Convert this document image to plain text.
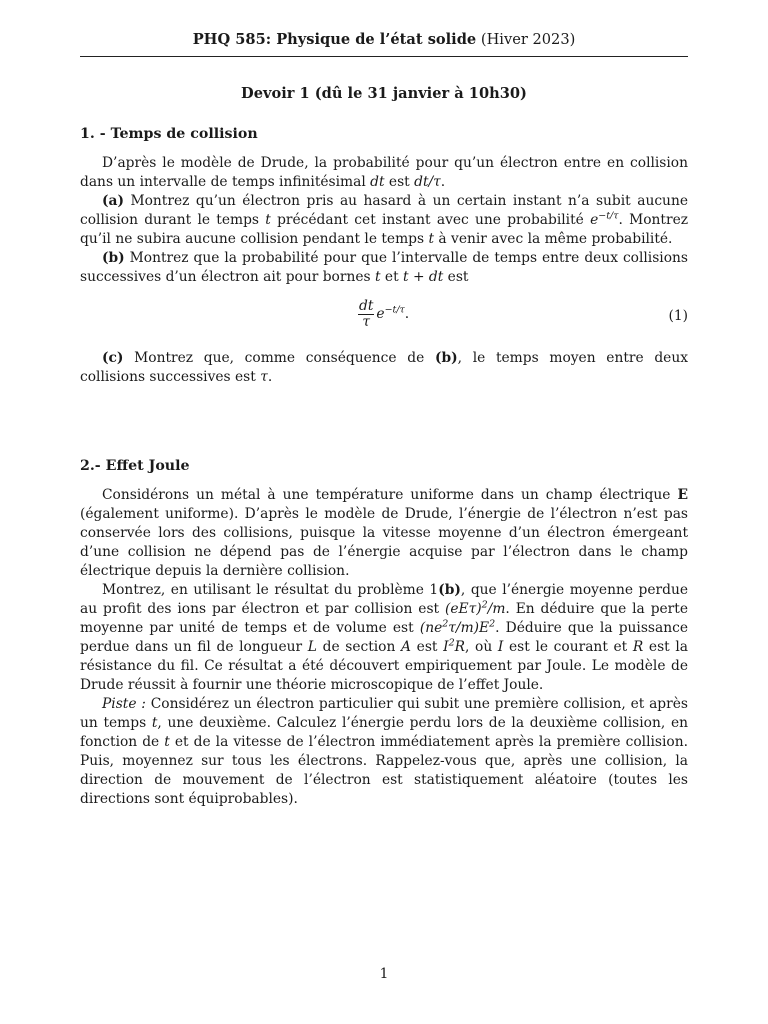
PHQ 585: Physique de l’état solide (Hiver 2023)
Devoir 1 (dû le 31 janvier à 10h30)
1. - Temps de collision

D’après le modèle de Drude, la probabilité pour qu’un électron entre en collision dans un intervalle de temps infinitésimal dt est dt/τ.

(a) Montrez qu’un électron pris au hasard à un certain instant n’a subit aucune collision durant le temps t précédant cet instant avec une probabilité $e^{-t/\tau}$. Montrez qu’il ne subira aucune collision pendant le temps t à venir avec la même probabilité.

(b) Montrez que la probabilité pour que l’intervalle de temps entre deux collisions successives d’un électron ait pour bornes t et t + dt est

$\frac{dt}{\tau} e^{-t/\tau}$.	(1)

(c) Montrez que, comme conséquence de (b), le temps moyen entre deux collisions successives est τ.

2.- Effet Joule

Considérons un métal à une température uniforme dans un champ électrique E (également uniforme). D’après le modèle de Drude, l’énergie de l’électron n’est pas conservée lors des collisions, puisque la vitesse moyenne d’un électron émergeant d’une collision ne dépend pas de l’énergie acquise par l’électron dans le champ électrique depuis la dernière collision.

Montrez, en utilisant le résultat du problème 1(b), que l’énergie moyenne perdue au profit des ions par électron et par collision est $(eE\tau)^2/m$. En déduire que la perte moyenne par unité de temps et de volume est $(ne^2\tau/m)E^2$. Déduire que la puissance perdue dans un fil de longueur L de section A est $I^2R$, où I est le courant et R est la résistance du fil. Ce résultat a été découvert empiriquement par Joule. Le modèle de Drude réussit à fournir une théorie microscopique de l’effet Joule.

Piste : Considérez un électron particulier qui subit une première collision, et après un temps t, une deuxième. Calculez l’énergie perdu lors de la deuxième collision, en fonction de t et de la vitesse de l’électron immédiatement après la première collision. Puis, moyennez sur tous les électrons. Rappelez-vous que, après une collision, la direction de mouvement de l’électron est statistiquement aléatoire (toutes les directions sont équiprobables).

1
